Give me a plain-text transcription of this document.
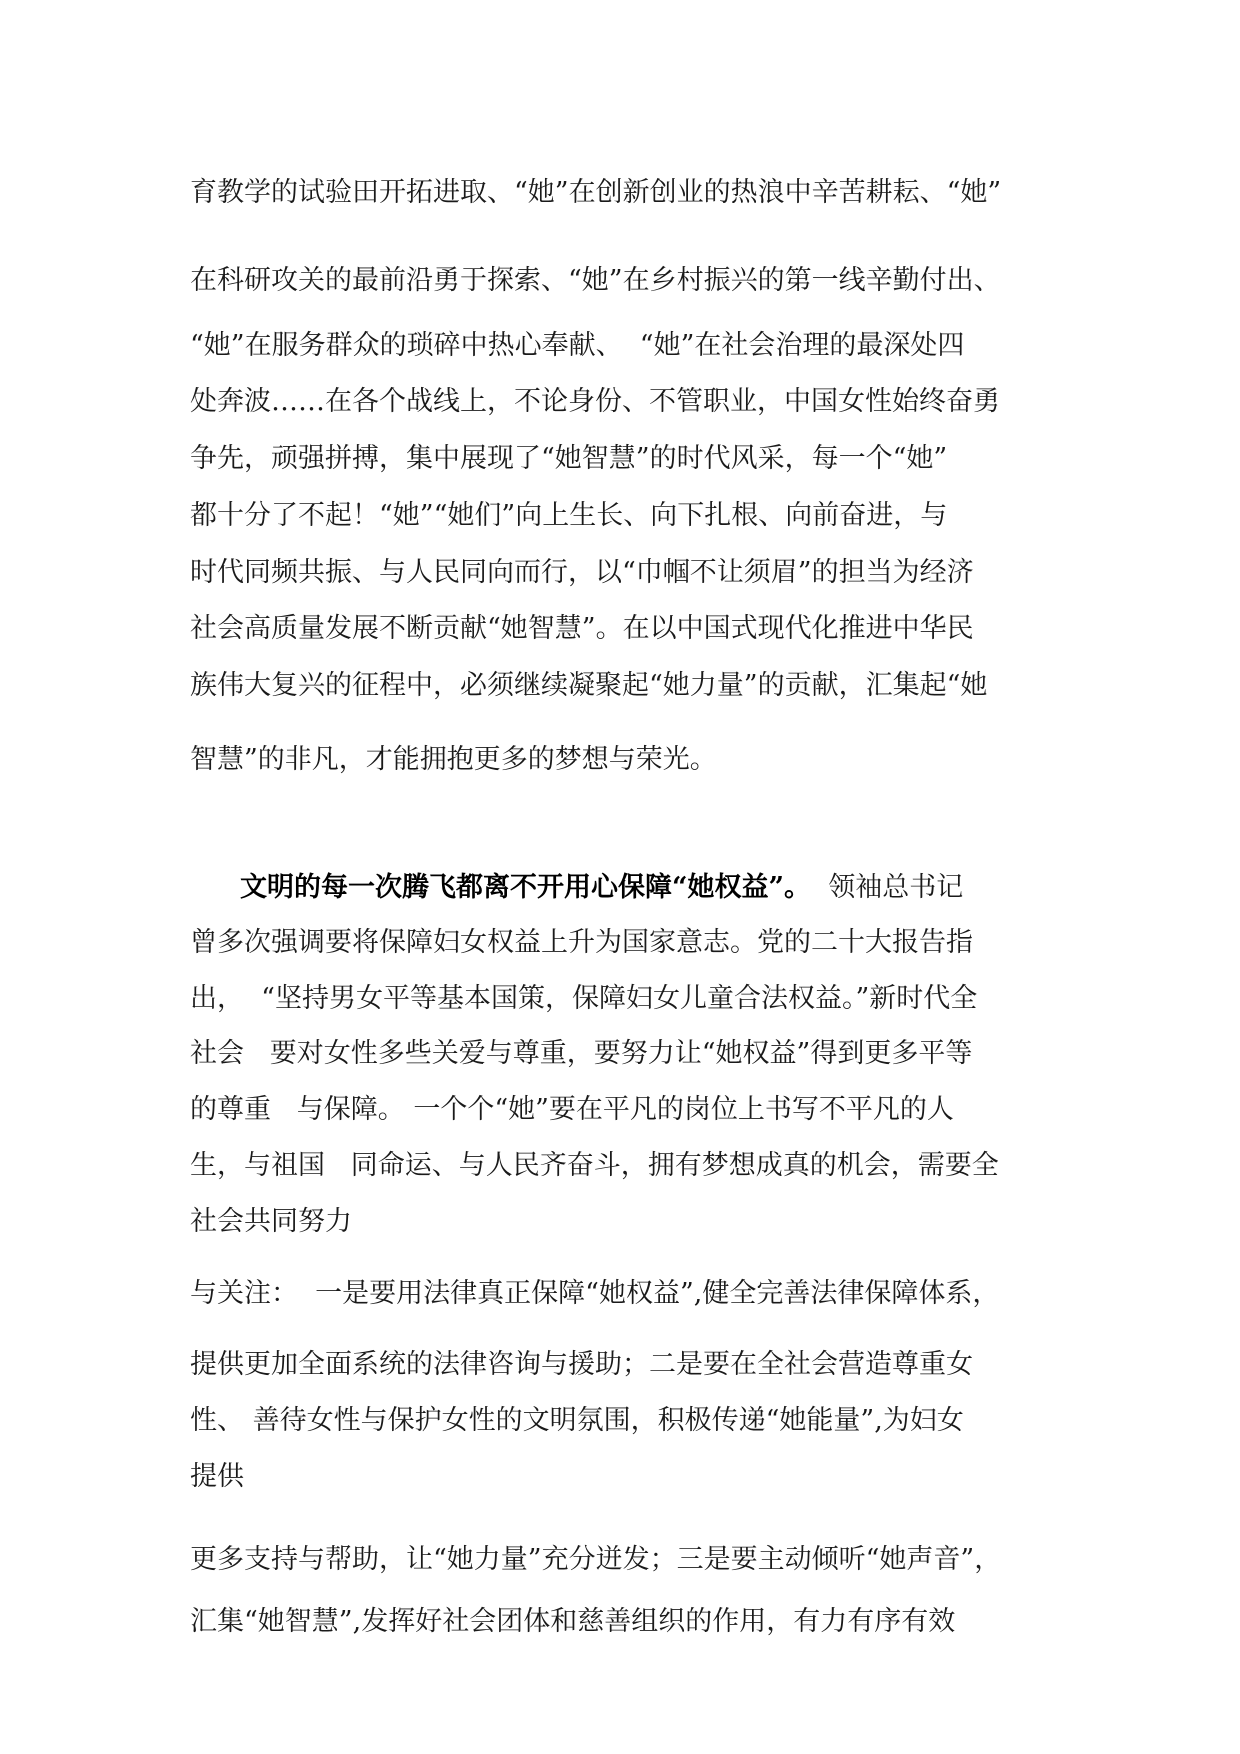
育教学的试验田开拓进取、“她”在创新创业的热浪中辛苦耕耘、“她”
在科研攻关的最前沿勇于探索、“她”在乡村振兴的第一线辛勤付出、
“她”在服务群众的琐碎中热心奉献、  “她”在社会治理的最深处四
处奔波……在各个战线上，不论身份、不管职业，中国女性始终奋勇
争先，顽强拼搏，集中展现了“她智慧”的时代风采，每一个“她”
都十分了不起！“她”“她们”向上生长、向下扎根、向前奋进，与
时代同频共振、与人民同向而行，以“巾帼不让须眉”的担当为经济
社会高质量发展不断贡献“她智慧”。在以中国式现代化推进中华民
族伟大复兴的征程中，必须继续凝聚起“她力量”的贡献，汇集起“她
智慧”的非凡，才能拥抱更多的梦想与荣光。
文明的每一次腾飞都离不开用心保障“她权益”。  领袖总书记
曾多次强调要将保障妇女权益上升为国家意志。党的二十大报告指
出，  “坚持男女平等基本国策，保障妇女儿童合法权益。”新时代全
社会   要对女性多些关爱与尊重，要努力让“她权益”得到更多平等
的尊重   与保障。 一个个“她”要在平凡的岗位上书写不平凡的人
生，与祖国   同命运、与人民齐奋斗，拥有梦想成真的机会，需要全
社会共同努力
与关注：  一是要用法律真正保障“她权益”,健全完善法律保障体系，
提供更加全面系统的法律咨询与援助；二是要在全社会营造尊重女
性、 善待女性与保护女性的文明氛围，积极传递“她能量”,为妇女
提供
更多支持与帮助，让“她力量”充分迸发；三是要主动倾听“她声音”，
汇集“她智慧”,发挥好社会团体和慈善组织的作用，有力有序有效
